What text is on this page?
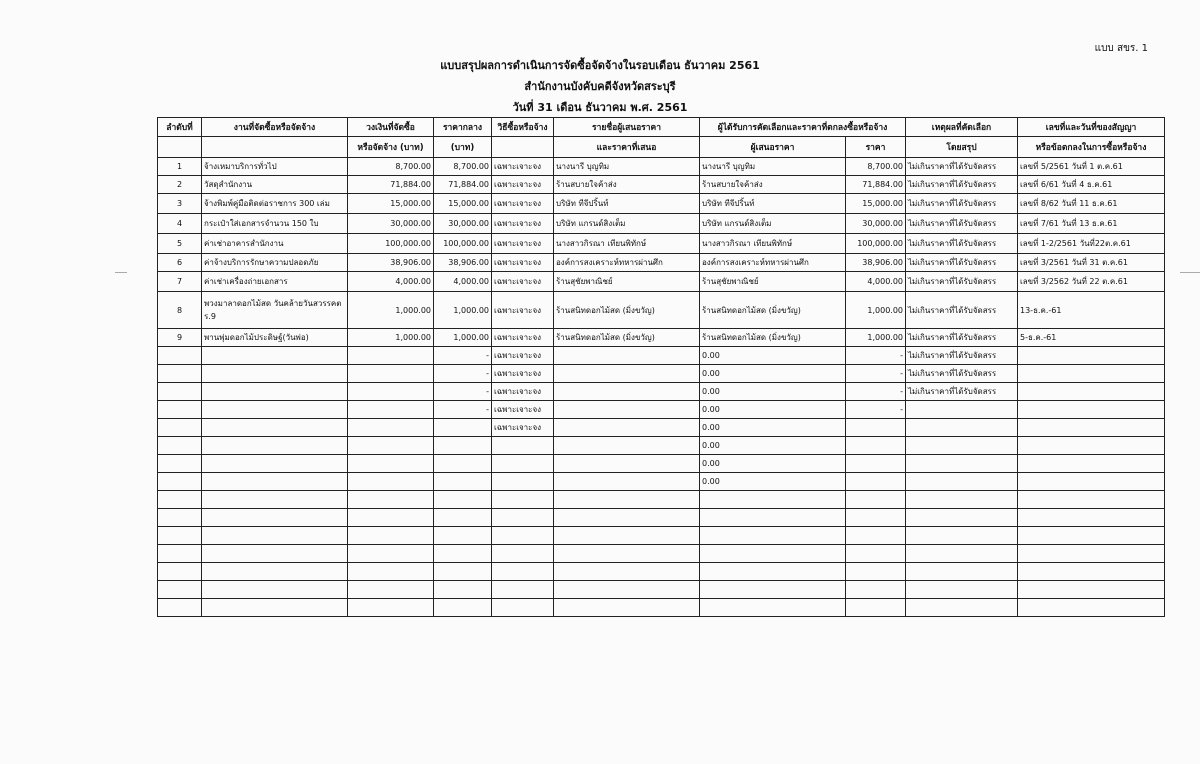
แบบ สขร. 1
แบบสรุปผลการดำเนินการจัดซื้อจัดจ้างในรอบเดือน ธันวาคม 2561
สำนักงานบังคับคดีจังหวัดสระบุรี
วันที่ 31 เดือน ธันวาคม พ.ศ. 2561
ลำดับที่	งานที่จัดซื้อหรือจัดจ้าง	วงเงินที่จัดซื้อ	ราคากลาง	วิธีซื้อหรือจ้าง	รายชื่อผู้เสนอราคา	ผู้ได้รับการคัดเลือกและราคาที่ตกลงซื้อหรือจ้าง		เหตุผลที่คัดเลือก	เลขที่และวันที่ของสัญญา
		หรือจัดจ้าง (บาท)	(บาท)		และราคาที่เสนอ	ผู้เสนอราคา	ราคา	โดยสรุป	หรือข้อตกลงในการซื้อหรือจ้าง
1	จ้างเหมาบริการทั่วไป	8,700.00	8,700.00	เฉพาะเจาะจง	นางนารี บุญทิม	นางนารี บุญทิม	8,700.00	ไม่เกินราคาที่ได้รับจัดสรร	เลขที่ 5/2561 วันที่ 1 ต.ค.61
2	วัสดุสำนักงาน	71,884.00	71,884.00	เฉพาะเจาะจง	ร้านสบายใจค้าส่ง	ร้านสบายใจค้าส่ง	71,884.00	ไม่เกินราคาที่ได้รับจัดสรร	เลขที่ 6/61 วันที่ 4 ธ.ค.61
3	จ้างพิมพ์คู่มือติดต่อราชการ 300 เล่ม	15,000.00	15,000.00	เฉพาะเจาะจง	บริษัท ทีจีปริ้นท์	บริษัท ทีจีปริ้นท์	15,000.00	ไม่เกินราคาที่ได้รับจัดสรร	เลขที่ 8/62 วันที่ 11 ธ.ค.61
4	กระเป๋าใส่เอกสารจำนวน 150 ใบ	30,000.00	30,000.00	เฉพาะเจาะจง	บริษัท แกรนด์สิงเต็ม	บริษัท แกรนด์สิงเต็ม	30,000.00	ไม่เกินราคาที่ได้รับจัดสรร	เลขที่ 7/61 วันที่ 13 ธ.ค.61
5	ค่าเช่าอาคารสำนักงาน	100,000.00	100,000.00	เฉพาะเจาะจง	นางสาวกิรณา เทียนพิทักษ์	นางสาวกิรณา เทียนพิทักษ์	100,000.00	ไม่เกินราคาที่ได้รับจัดสรร	เลขที่ 1-2/2561 วันที่22ต.ค.61
6	ค่าจ้างบริการรักษาความปลอดภัย	38,906.00	38,906.00	เฉพาะเจาะจง	องค์การสงเคราะห์ทหารผ่านศึก	องค์การสงเคราะห์ทหารผ่านศึก	38,906.00	ไม่เกินราคาที่ได้รับจัดสรร	เลขที่ 3/2561 วันที่ 31 ต.ค.61
7	ค่าเช่าเครื่องถ่ายเอกสาร	4,000.00	4,000.00	เฉพาะเจาะจง	ร้านสุชัยพาณิชย์	ร้านสุชัยพาณิชย์	4,000.00	ไม่เกินราคาที่ได้รับจัดสรร	เลขที่ 3/2562 วันที่ 22 ต.ค.61
8	พวงมาลาดอกไม้สด วันคล้ายวันสวรรคต ร.9	1,000.00	1,000.00	เฉพาะเจาะจง	ร้านสนิทดอกไม้สด (มิ่งขวัญ)	ร้านสนิทดอกไม้สด (มิ่งขวัญ)	1,000.00	ไม่เกินราคาที่ได้รับจัดสรร	13-ธ.ค.-61
9	พานพุ่มดอกไม้ประดิษฐ์(วันพ่อ)	1,000.00	1,000.00	เฉพาะเจาะจง	ร้านสนิทดอกไม้สด (มิ่งขวัญ)	ร้านสนิทดอกไม้สด (มิ่งขวัญ)	1,000.00	ไม่เกินราคาที่ได้รับจัดสรร	5-ธ.ค.-61
			-	เฉพาะเจาะจง		0.00	-	ไม่เกินราคาที่ได้รับจัดสรร	
			-	เฉพาะเจาะจง		0.00	-	ไม่เกินราคาที่ได้รับจัดสรร	
			-	เฉพาะเจาะจง		0.00	-	ไม่เกินราคาที่ได้รับจัดสรร	
			-	เฉพาะเจาะจง		0.00	-		
				เฉพาะเจาะจง		0.00			
						0.00			
						0.00			
						0.00			
